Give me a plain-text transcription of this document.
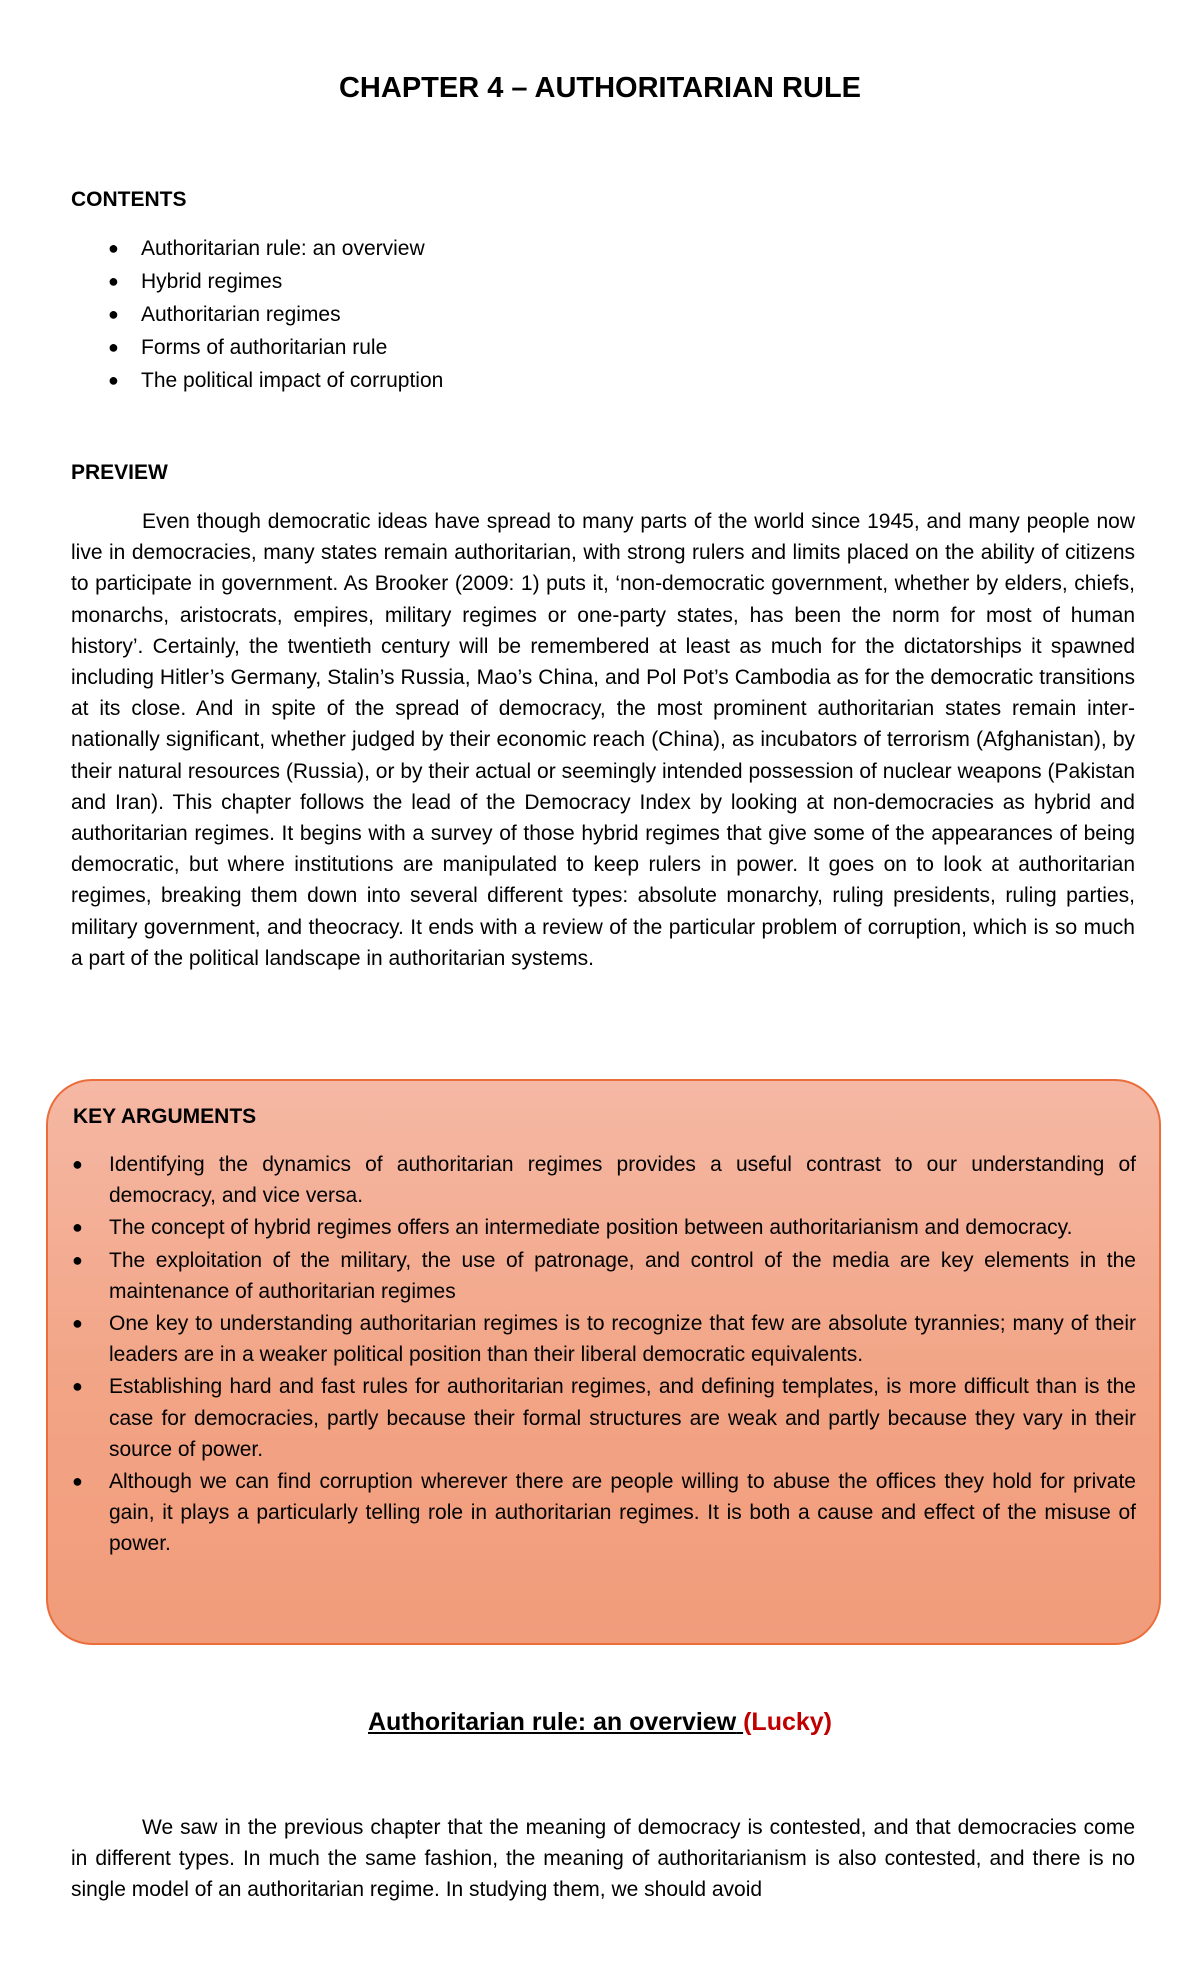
CHAPTER 4 – AUTHORITARIAN RULE
CONTENTS
● Authoritarian rule: an overview
● Hybrid regimes
● Authoritarian regimes
● Forms of authoritarian rule
● The political impact of corruption
PREVIEW

Even though democratic ideas have spread to many parts of the world since 1945, and many people now live in democracies, many states remain authoritarian, with strong rulers and limits placed on the ability of citizens to participate in government. As Brooker (2009: 1) puts it, ‘non-democratic government, whether by elders, chiefs, monarchs, aristocrats, empires, military regimes or one-party states, has been the norm for most of human history’. Certainly, the twentieth century will be remembered at least as much for the dictatorships it spawned including Hitler’s Germany, Stalin’s Russia, Mao’s China, and Pol Pot’s Cambodia as for the democratic transitions at its close. And in spite of the spread of democracy, the most prominent authoritarian states remain inter-nationally significant, whether judged by their economic reach (China), as incubators of terrorism (Afghanistan), by their natural resources (Russia), or by their actual or seemingly intended possession of nuclear weapons (Pakistan and Iran). This chapter follows the lead of the Democracy Index by looking at non-democracies as hybrid and authoritarian regimes. It begins with a survey of those hybrid regimes that give some of the appearances of being democratic, but where institutions are manipulated to keep rulers in power. It goes on to look at authoritarian regimes, breaking them down into several different types: absolute monarchy, ruling presidents, ruling parties, military government, and theocracy. It ends with a review of the particular problem of corruption, which is so much a part of the political landscape in authoritarian systems.

KEY ARGUMENTS
● Identifying the dynamics of authoritarian regimes provides a useful contrast to our understanding of democracy, and vice versa.
● The concept of hybrid regimes offers an intermediate position between authoritarianism and democracy.
● The exploitation of the military, the use of patronage, and control of the media are key elements in the maintenance of authoritarian regimes
● One key to understanding authoritarian regimes is to recognize that few are absolute tyrannies; many of their leaders are in a weaker political position than their liberal democratic equivalents.
● Establishing hard and fast rules for authoritarian regimes, and defining templates, is more difficult than is the case for democracies, partly because their formal structures are weak and partly because they vary in their source of power.
● Although we can find corruption wherever there are people willing to abuse the offices they hold for private gain, it plays a particularly telling role in authoritarian regimes. It is both a cause and effect of the misuse of power.
Authoritarian rule: an overview (Lucky)

We saw in the previous chapter that the meaning of democracy is contested, and that democracies come in different types. In much the same fashion, the meaning of authoritarianism is also contested, and there is no single model of an authoritarian regime. In studying them, we should avoid
